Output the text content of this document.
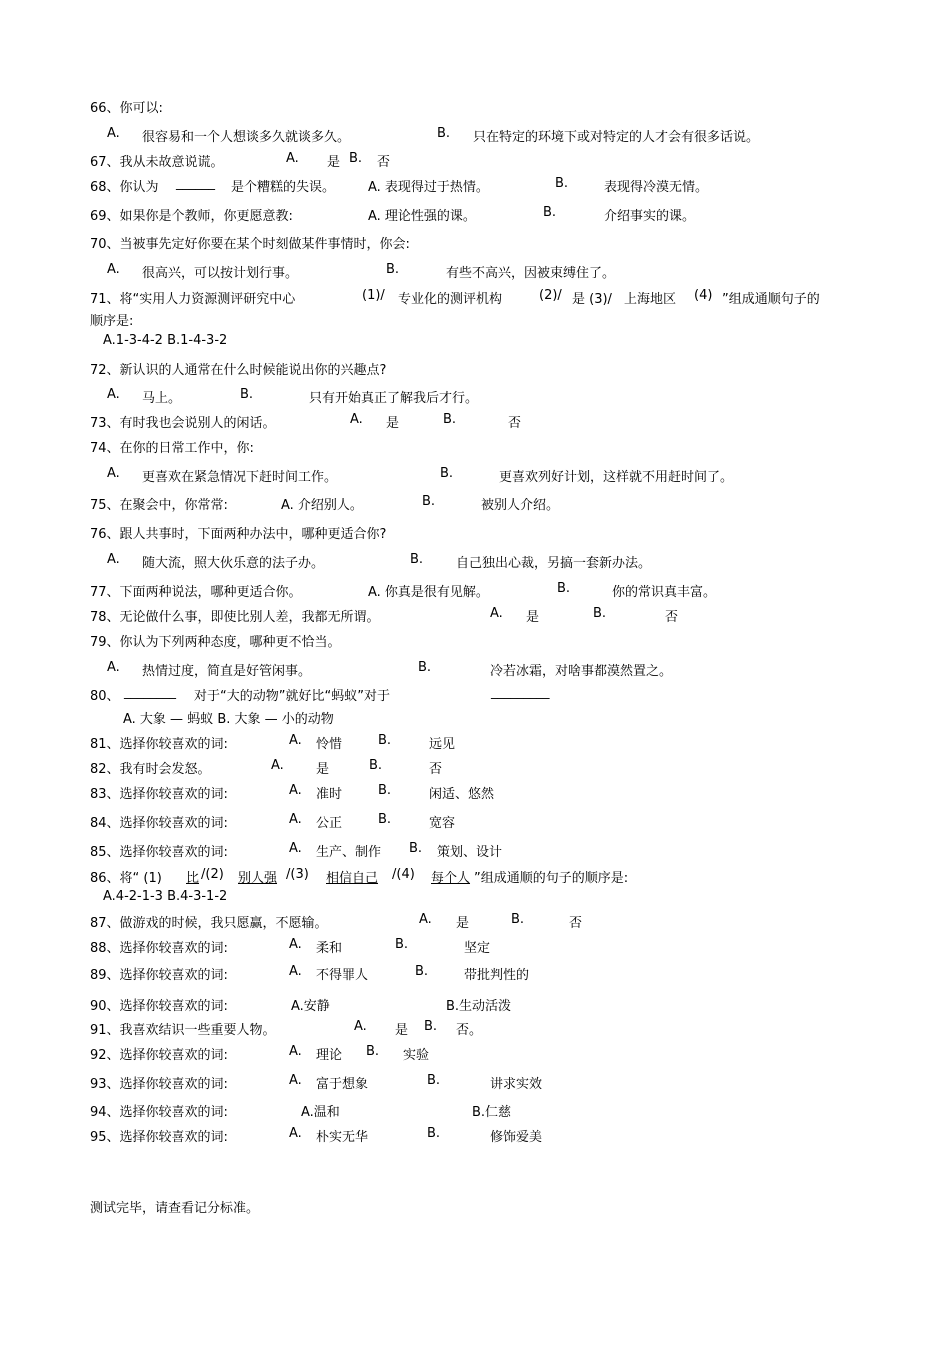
66、你可以:
A. 很容易和一个人想谈多久就谈多久。	B. 只在特定的环境下或对特定的人才会有很多话说。
67、我从未故意说谎。	A. 是 B. 否
68、你认为 ______ 是个糟糕的失误。	A. 表现得过于热情。	B.	表现得冷漠无情。
69、如果你是个教师，你更愿意教:	A. 理论性强的课。	B.	介绍事实的课。
70、当被事先定好你要在某个时刻做某件事情时，你会:
A. 很高兴，可以按计划行事。	B.	有些不高兴，因被束缚住了。
71、将“实用人力资源测评研究中心	(1)/ 专业化的测评机构	(2)/ 是 (3)/ 上海地区 (4) ”组成通顺句子的
顺序是:
A.1-3-4-2 B.1-4-3-2
72、新认识的人通常在什么时候能说出你的兴趣点?
A. 马上。	B.	只有开始真正了解我后才行。
73、有时我也会说别人的闲话。	A. 是	B.	否
74、在你的日常工作中，你:
A. 更喜欢在紧急情况下赶时间工作。	B.	更喜欢列好计划，这样就不用赶时间了。
75、在聚会中，你常常:	A. 介绍别人。	B.	被别人介绍。
76、跟人共事时，下面两种办法中，哪种更适合你?
A. 随大流，照大伙乐意的法子办。	B.	自己独出心裁，另搞一套新办法。
77、下面两种说法，哪种更适合你。	A. 你真是很有见解。	B.	你的常识真丰富。
78、无论做什么事，即使比别人差，我都无所谓。	A. 是	B.	否
79、你认为下列两种态度，哪种更不恰当。
A. 热情过度，简直是好管闲事。	B.	冷若冰霜，对啥事都漠然置之。
80、 ________ 对于“大的动物”就好比“蚂蚁”对于	_________
A. 大象 — 蚂蚁 B. 大象 — 小的动物
81、选择你较喜欢的词:	A. 怜惜	B.	远见
82、我有时会发怒。	A. 是	B.	否
83、选择你较喜欢的词:	A. 准时	B.	闲适、悠然
84、选择你较喜欢的词:	A. 公正	B.	宽容
85、选择你较喜欢的词:	A. 生产、制作 B. 策划、设计
86、将“ (1) 比 /(2) 别人强 /(3) 相信自己 /(4) 每个人 ”组成通顺的句子的顺序是:
A.4-2-1-3 B.4-3-1-2
87、做游戏的时候，我只愿赢，不愿输。	A. 是	B.	否
88、选择你较喜欢的词:	A. 柔和	B.	坚定
89、选择你较喜欢的词:	A. 不得罪人	B.	带批判性的
90、选择你较喜欢的词:	A.安静	B.生动活泼
91、我喜欢结识一些重要人物。	A. 是 B. 否。
92、选择你较喜欢的词:	A. 理论 B. 实验
93、选择你较喜欢的词:	A. 富于想象	B.	讲求实效
94、选择你较喜欢的词:	A.温和	B.仁慈
95、选择你较喜欢的词:	A. 朴实无华	B.	修饰爱美
测试完毕，请查看记分标准。
